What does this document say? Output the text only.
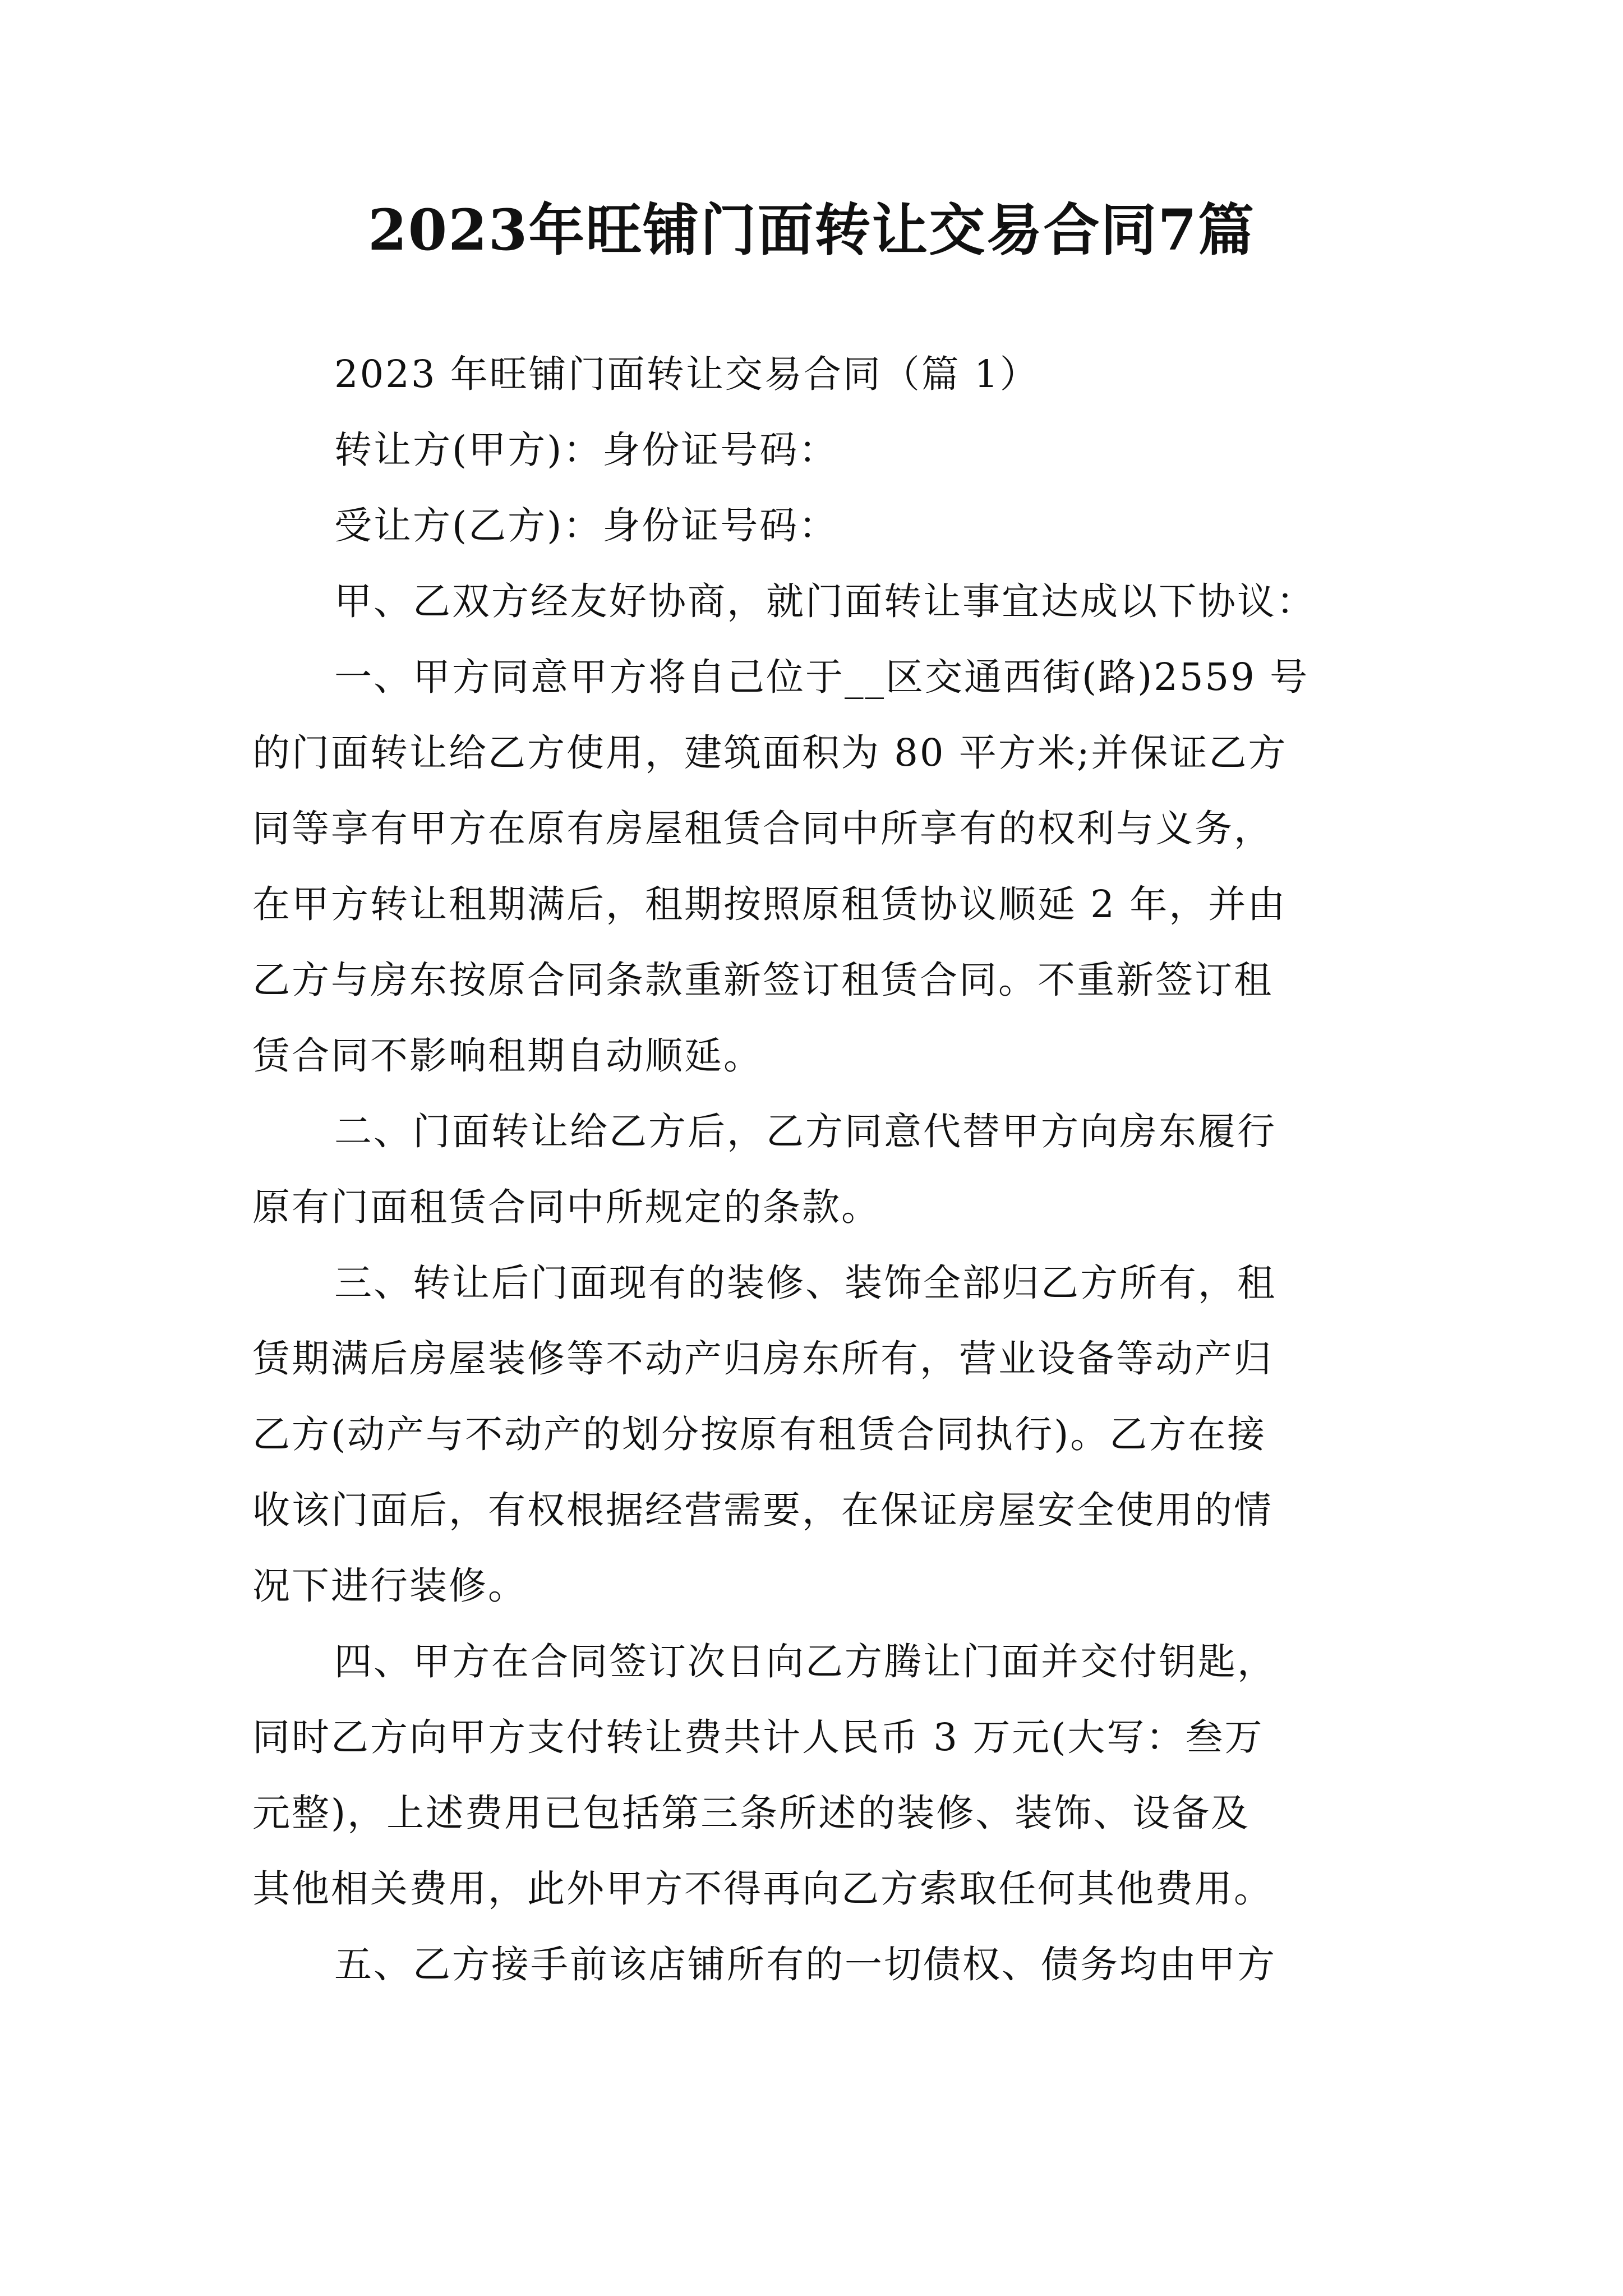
2023年旺铺门面转让交易合同7篇

2023 年旺铺门面转让交易合同（篇 1）

转让方(甲方)：身份证号码：

受让方(乙方)：身份证号码：

甲、乙双方经友好协商，就门面转让事宜达成以下协议：

一、甲方同意甲方将自己位于__区交通西街(路)2559 号

的门面转让给乙方使用，建筑面积为 80 平方米;并保证乙方

同等享有甲方在原有房屋租赁合同中所享有的权利与义务，

在甲方转让租期满后，租期按照原租赁协议顺延 2 年，并由

乙方与房东按原合同条款重新签订租赁合同。不重新签订租

赁合同不影响租期自动顺延。

二、门面转让给乙方后，乙方同意代替甲方向房东履行

原有门面租赁合同中所规定的条款。

三、转让后门面现有的装修、装饰全部归乙方所有，租

赁期满后房屋装修等不动产归房东所有，营业设备等动产归

乙方(动产与不动产的划分按原有租赁合同执行)。乙方在接

收该门面后，有权根据经营需要，在保证房屋安全使用的情

况下进行装修。

四、甲方在合同签订次日向乙方腾让门面并交付钥匙，

同时乙方向甲方支付转让费共计人民币 3 万元(大写：叁万

元整)，上述费用已包括第三条所述的装修、装饰、设备及

其他相关费用，此外甲方不得再向乙方索取任何其他费用。

五、乙方接手前该店铺所有的一切债权、债务均由甲方
